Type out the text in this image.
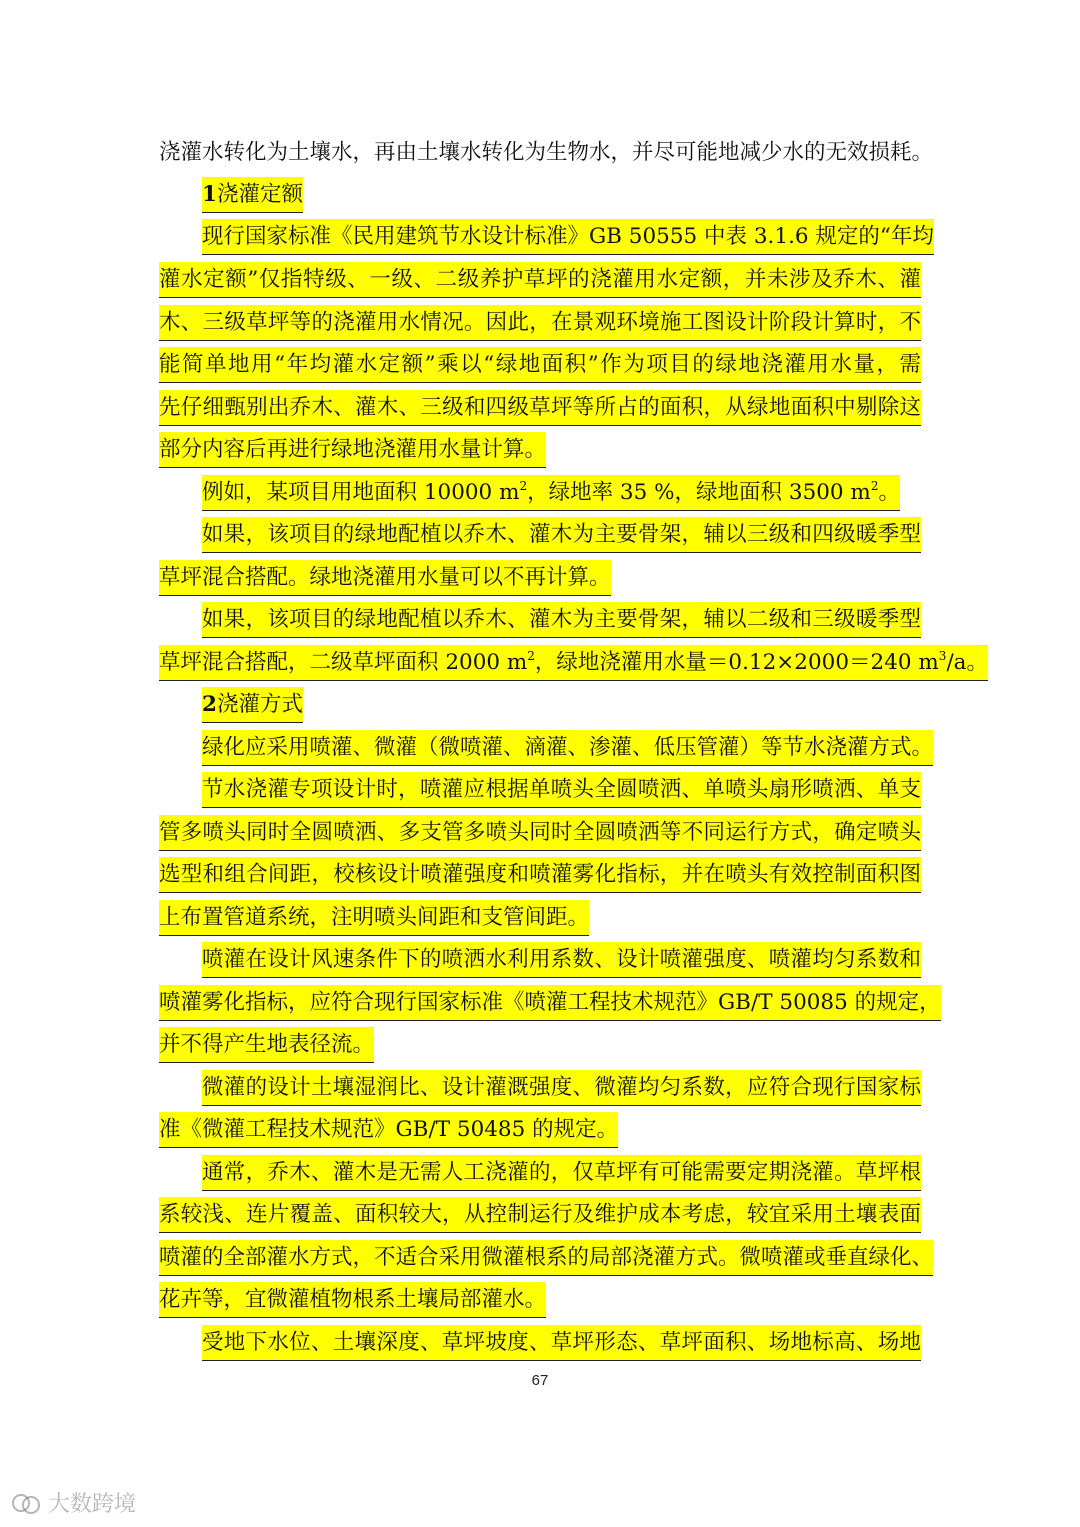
浇灌水转化为土壤水，再由土壤水转化为生物水，并尽可能地减少水的无效损耗。
1浇灌定额
现行国家标准《民用建筑节水设计标准》GB 50555 中表 3.1.6 规定的“年均
灌水定额”仅指特级、一级、二级养护草坪的浇灌用水定额，并未涉及乔木、灌
木、三级草坪等的浇灌用水情况。因此，在景观环境施工图设计阶段计算时，不
能简单地用“年均灌水定额”乘以“绿地面积”作为项目的绿地浇灌用水量，需
先仔细甄别出乔木、灌木、三级和四级草坪等所占的面积，从绿地面积中剔除这
部分内容后再进行绿地浇灌用水量计算。
例如，某项目用地面积 10000 $m^2$，绿地率 35 %，绿地面积 3500 $m^2$。
如果，该项目的绿地配植以乔木、灌木为主要骨架，辅以三级和四级暖季型
草坪混合搭配。绿地浇灌用水量可以不再计算。
如果，该项目的绿地配植以乔木、灌木为主要骨架，辅以二级和三级暖季型
草坪混合搭配，二级草坪面积 2000 $m^2$，绿地浇灌用水量＝0.12×2000＝240 $m^3/a$。
2浇灌方式
绿化应采用喷灌、微灌（微喷灌、滴灌、渗灌、低压管灌）等节水浇灌方式。
节水浇灌专项设计时，喷灌应根据单喷头全圆喷洒、单喷头扇形喷洒、单支
管多喷头同时全圆喷洒、多支管多喷头同时全圆喷洒等不同运行方式，确定喷头
选型和组合间距，校核设计喷灌强度和喷灌雾化指标，并在喷头有效控制面积图
上布置管道系统，注明喷头间距和支管间距。
喷灌在设计风速条件下的喷洒水利用系数、设计喷灌强度、喷灌均匀系数和
喷灌雾化指标，应符合现行国家标准《喷灌工程技术规范》GB/T 50085 的规定，
并不得产生地表径流。
微灌的设计土壤湿润比、设计灌溉强度、微灌均匀系数，应符合现行国家标
准《微灌工程技术规范》GB/T 50485 的规定。
通常，乔木、灌木是无需人工浇灌的，仅草坪有可能需要定期浇灌。草坪根
系较浅、连片覆盖、面积较大，从控制运行及维护成本考虑，较宜采用土壤表面
喷灌的全部灌水方式，不适合采用微灌根系的局部浇灌方式。微喷灌或垂直绿化、
花卉等，宜微灌植物根系土壤局部灌水。
受地下水位、土壤深度、草坪坡度、草坪形态、草坪面积、场地标高、场地
67
大数跨境
